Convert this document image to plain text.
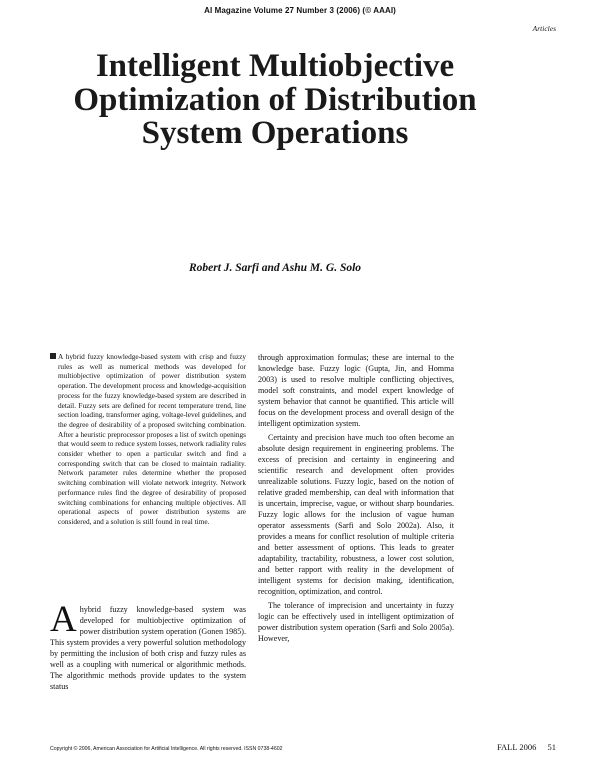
AI Magazine Volume 27 Number 3 (2006) (© AAAI)
Articles
Intelligent Multiobjective Optimization of Distribution System Operations
Robert J. Sarfi and Ashu M. G. Solo
A hybrid fuzzy knowledge-based system with crisp and fuzzy rules as well as numerical methods was developed for multiobjective optimization of power distribution system operation. The development process and knowledge-acquisition process for the fuzzy knowledge-based system are described in detail. Fuzzy sets are defined for recent temperature trend, line section loading, transformer aging, voltage-level guidelines, and the degree of desirability of a proposed switching combination. After a heuristic preprocessor proposes a list of switch openings that would seem to reduce system losses, network radiality rules consider whether to open a particular switch and find a corresponding switch that can be closed to maintain radiality. Network parameter rules determine whether the proposed switching combination will violate network integrity. Network performance rules find the degree of desirability of proposed switching combinations for enhancing multiple objectives. All operational aspects of power distribution systems are considered, and a solution is still found in real time.
A hybrid fuzzy knowledge-based system was developed for multiobjective optimization of power distribution system operation (Gonen 1985). This system provides a very powerful solution methodology by permitting the inclusion of both crisp and fuzzy rules as well as a coupling with numerical or algorithmic methods. The algorithmic methods provide updates to the system status

through approximation formulas; these are internal to the knowledge base. Fuzzy logic (Gupta, Jin, and Homma 2003) is used to resolve multiple conflicting objectives, model soft constraints, and model expert knowledge of system behavior that cannot be quantified. This article will focus on the development process and overall design of the intelligent optimization system.

Certainty and precision have much too often become an absolute design requirement in engineering problems. The excess of precision and certainty in engineering and scientific research and development often provides unrealizable solutions. Fuzzy logic, based on the notion of relative graded membership, can deal with information that is uncertain, imprecise, vague, or without sharp boundaries. Fuzzy logic allows for the inclusion of vague human operator assessments (Sarfi and Solo 2002a). Also, it provides a means for conflict resolution of multiple criteria and better assessment of options. This leads to greater adaptability, tractability, robustness, a lower cost solution, and better rapport with reality in the development of intelligent systems for decision making, identification, recognition, optimization, and control.

The tolerance of imprecision and uncertainty in fuzzy logic can be effectively used in intelligent optimization of power distribution system operation (Sarfi and Solo 2005a). However,

Copyright © 2006, American Association for Artificial Intelligence. All rights reserved. ISSN 0738-4602	FALL 2006 51
